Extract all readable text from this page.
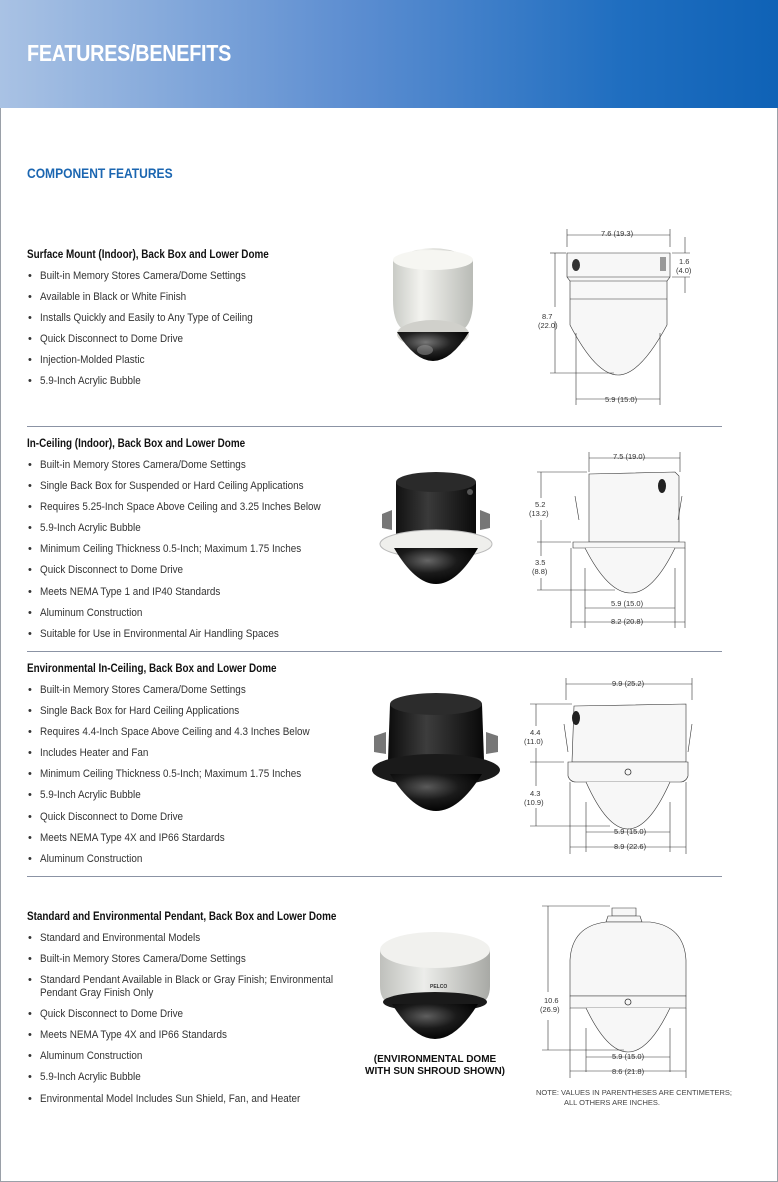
FEATURES/BENEFITS
COMPONENT FEATURES
Surface Mount (Indoor), Back Box and Lower Dome
• Built-in Memory Stores Camera/Dome Settings
• Available in Black or White Finish
• Installs Quickly and Easily to Any Type of Ceiling
• Quick Disconnect to Dome Drive
• Injection-Molded Plastic
• 5.9-Inch Acrylic Bubble
7.6 (19.3)
1.6
(4.0)
8.7
(22.0)
5.9 (15.0)
In-Ceiling (Indoor), Back Box and Lower Dome
• Built-in Memory Stores Camera/Dome Settings
• Single Back Box for Suspended or Hard Ceiling Applications
• Requires 5.25-Inch Space Above Ceiling and 3.25 Inches Below
• 5.9-Inch Acrylic Bubble
• Minimum Ceiling Thickness 0.5-Inch; Maximum 1.75 Inches
• Quick Disconnect to Dome Drive
• Meets NEMA Type 1 and IP40 Standards
• Aluminum Construction
• Suitable for Use in Environmental Air Handling Spaces
7.5 (19.0)
5.2
(13.2)
3.5
(8.8)
5.9 (15.0)
8.2 (20.8)
Environmental In-Ceiling, Back Box and Lower Dome
• Built-in Memory Stores Camera/Dome Settings
• Single Back Box for Hard Ceiling Applications
• Requires 4.4-Inch Space Above Ceiling and 4.3 Inches Below
• Includes Heater and Fan
• Minimum Ceiling Thickness 0.5-Inch; Maximum 1.75 Inches
• 5.9-Inch Acrylic Bubble
• Quick Disconnect to Dome Drive
• Meets NEMA Type 4X and IP66 Stardards
• Aluminum Construction
9.9 (25.2)
4.4
(11.0)
4.3
(10.9)
5.9 (15.0)
8.9 (22.6)
Standard and Environmental Pendant, Back Box and Lower Dome
• Standard and Environmental Models
• Built-in Memory Stores Camera/Dome Settings
• Standard Pendant Available in Black or Gray Finish; Environmental Pendant Gray Finish Only
• Quick Disconnect to Dome Drive
• Meets NEMA Type 4X and IP66 Standards
• Aluminum Construction
• 5.9-Inch Acrylic Bubble
• Environmental Model Includes Sun Shield, Fan, and Heater
PELCO
(ENVIRONMENTAL DOME
WITH SUN SHROUD SHOWN)
10.6
(26.9)
5.9 (15.0)
8.6 (21.8)
NOTE: VALUES IN PARENTHESES ARE CENTIMETERS;
ALL OTHERS ARE INCHES.
